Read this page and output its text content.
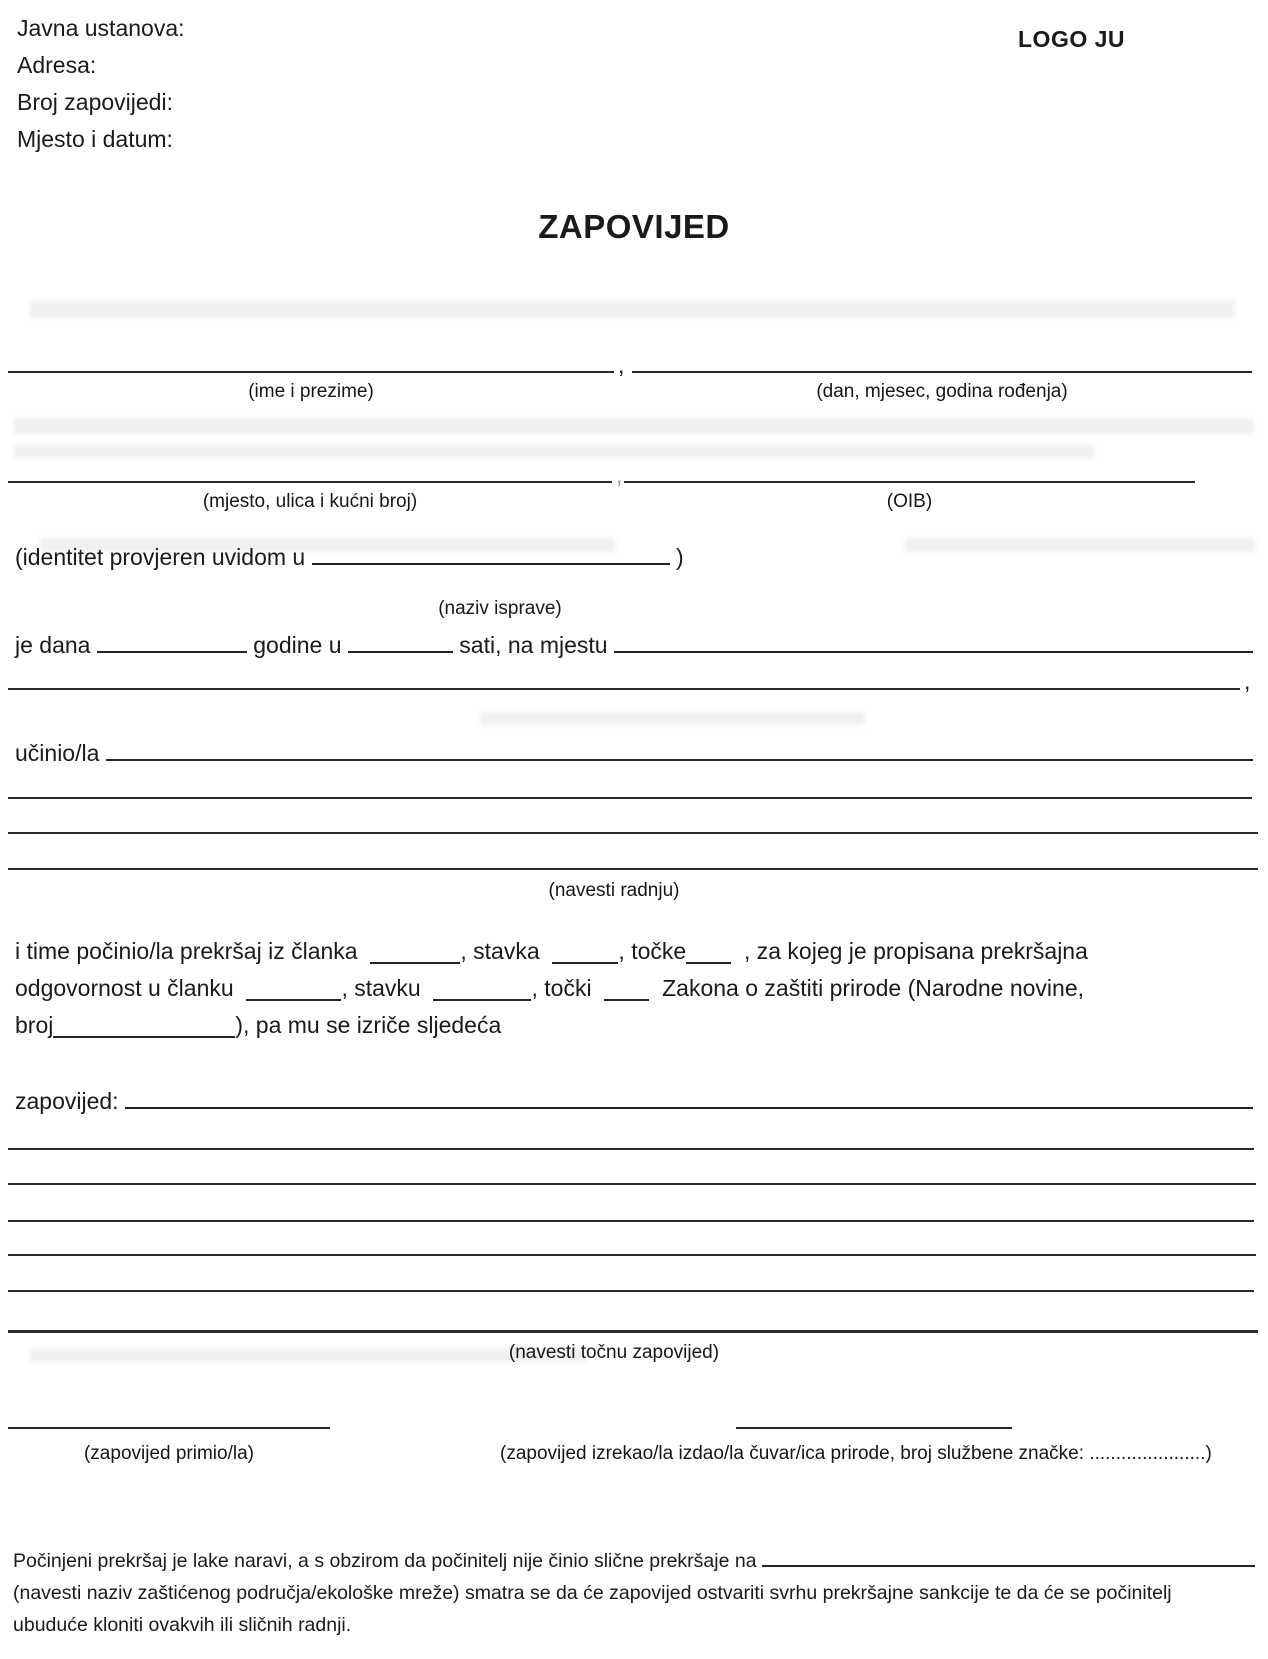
Javna ustanova:
Adresa:
Broj zapovijedi:
Mjesto i datum:
LOGO JU
ZAPOVIJED
,
(ime i prezime)	(dan, mjesec, godina rođenja)
,
(mjesto, ulica i kućni broj)	(OIB)
(identitet provjeren uvidom u

	)
(naziv isprave)
je dana

	godine u

	sati, na mjestu

,
učinio/la

(navesti radnju)
i time počinio/la prekršaj iz članka	, stavka	, točke	, za kojeg je propisana prekršajna
odgovornost u članku	, stavku	, točki	Zakona o zaštiti prirode (Narodne novine,
broj	), pa mu se izriče sljedeća
zapovijed:

(navesti točnu zapovijed)
(zapovijed primio/la)	(zapovijed izrekao/la izdao/la čuvar/ica prirode, broj službene značke: ......................)
Počinjeni prekršaj je lake naravi, a s obzirom da počinitelj nije činio slične prekršaje na

(navesti naziv zaštićenog područja/ekološke mreže) smatra se da će zapovijed ostvariti svrhu prekršajne sankcije te da će se počinitelj
ubuduće kloniti ovakvih ili sličnih radnji.
